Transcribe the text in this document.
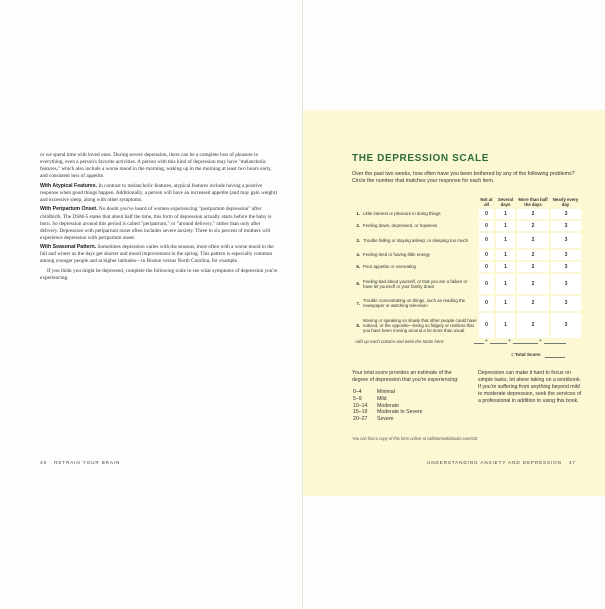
or we spend time with loved ones. During severe depression, there can be a complete loss of pleasure in everything, even a person's favorite activities. A person with this kind of depression may have "melancholic features," which also include a worse mood in the morning, waking up in the morning at least two hours early, and consistent loss of appetite.

With Atypical Features. In contrast to melancholic features, atypical features include having a positive response when good things happen. Additionally, a person will have an increased appetite (and may gain weight) and excessive sleep, along with other symptoms.

With Peripartum Onset. No doubt you've heard of women experiencing "postpartum depression" after childbirth. The DSM-5 states that about half the time, this form of depression actually starts before the baby is born. So depression around this period is called "peripartum," or "around delivery," rather than only after delivery. Depression with peripartum onset often includes severe anxiety. Three to six percent of mothers will experience depression with peripartum onset.

With Seasonal Pattern. Sometimes depression varies with the seasons, most often with a worse mood in the fall and winter as the days get shorter and mood improvement in the spring. This pattern is especially common among younger people and at higher latitudes—in Boston versus North Carolina, for example.

If you think you might be depressed, complete the following scale to see what symptoms of depression you're experiencing.

46 RETRAIN YOUR BRAIN
THE DEPRESSION SCALE
Over the past two weeks, how often have you been bothered by any of the following problems? Circle the number that matches your response for each item.
		Not at all	Several days	More than half the days	Nearly every day
1.	Little interest or pleasure in doing things	0	1	2	3
2.	Feeling down, depressed, or hopeless	0	1	2	3
3.	Trouble falling or staying asleep; or sleeping too much	0	1	2	3
4.	Feeling tired or having little energy	0	1	2	3
5.	Poor appetite or overeating	0	1	2	3
6.	Feeling bad about yourself, or that you are a failure or have let yourself or your family down	0	1	2	3
7.	Trouble concentrating on things, such as reading the newspaper or watching television	0	1	2	3
8.	Moving or speaking so slowly that other people could have noticed, or the opposite—being so fidgety or restless that you have been moving around a lot more than usual	0	1	2	3
Add up each column and write the totals here:	+	+	+
= Total Score:
Your total score provides an estimate of the degree of depression that you're experiencing:
0–4	Minimal
5–9	Mild
10–14 Moderate
15–19 Moderate to Severe
20–27 Severe
Depression can make it hard to focus on simple tasks, let alone taking on a workbook. If you're suffering from anything beyond mild to moderate depression, seek the services of a professional in addition to using this book.
You can find a copy of this form online at callistomediabooks.com/cbt.
UNDERSTANDING ANXIETY AND DEPRESSION 47
